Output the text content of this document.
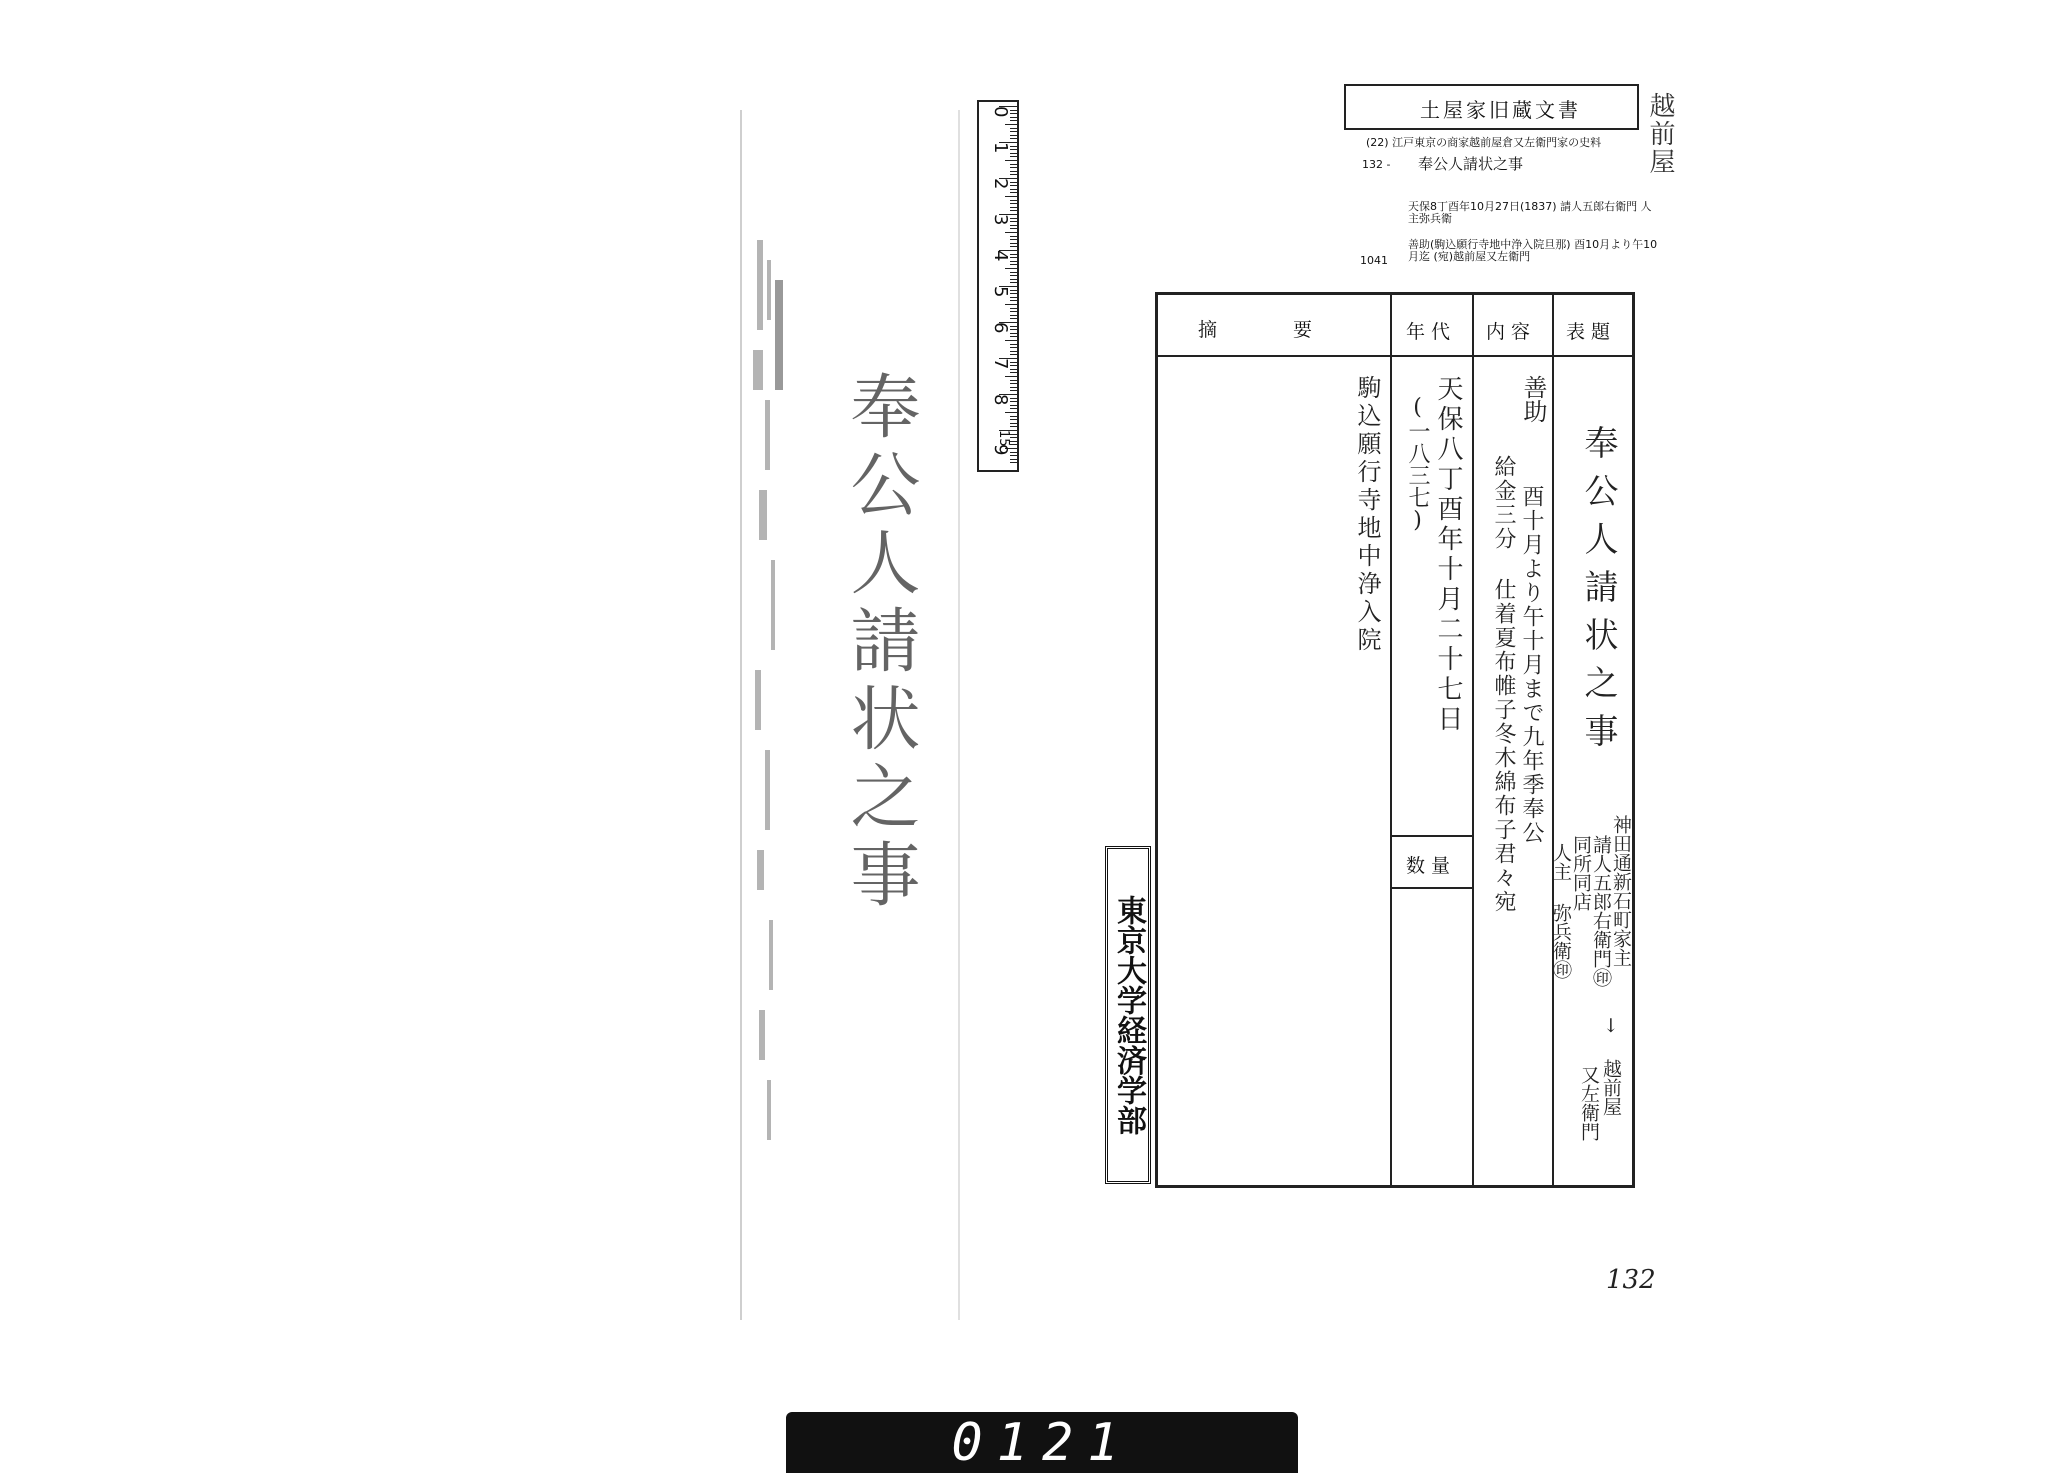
奉公人請状之事
0
1
2
3
4
5
6
7
8
15
9
土屋家旧蔵文書
(22) 江戸東京の商家越前屋倉又左衛門家の史料
132 - 奉公人請状之事
天保8丁酉年10月27日(1837) 請人五郎右衛門 人
主弥兵衛
善助(駒込願行寺地中浄入院旦那) 酉10月より午10
月迄 (宛)越前屋又左衛門
1041
越前屋
摘　　　　要	年 代 内 容 表 題
数 量
奉公人請状之事
神田通新石町家主
請人五郎右衛門㊞
同所同店
人主 弥兵衛㊞
↓ 越前屋
又左衛門
善助
酉十月より午十月まで九年季奉公
給金三分 仕着夏布帷子冬木綿布子君々宛
天保八丁酉年十月二十七日
(一八三七)
駒込願行寺地中浄入院
東京大学経済学部
132
0121
